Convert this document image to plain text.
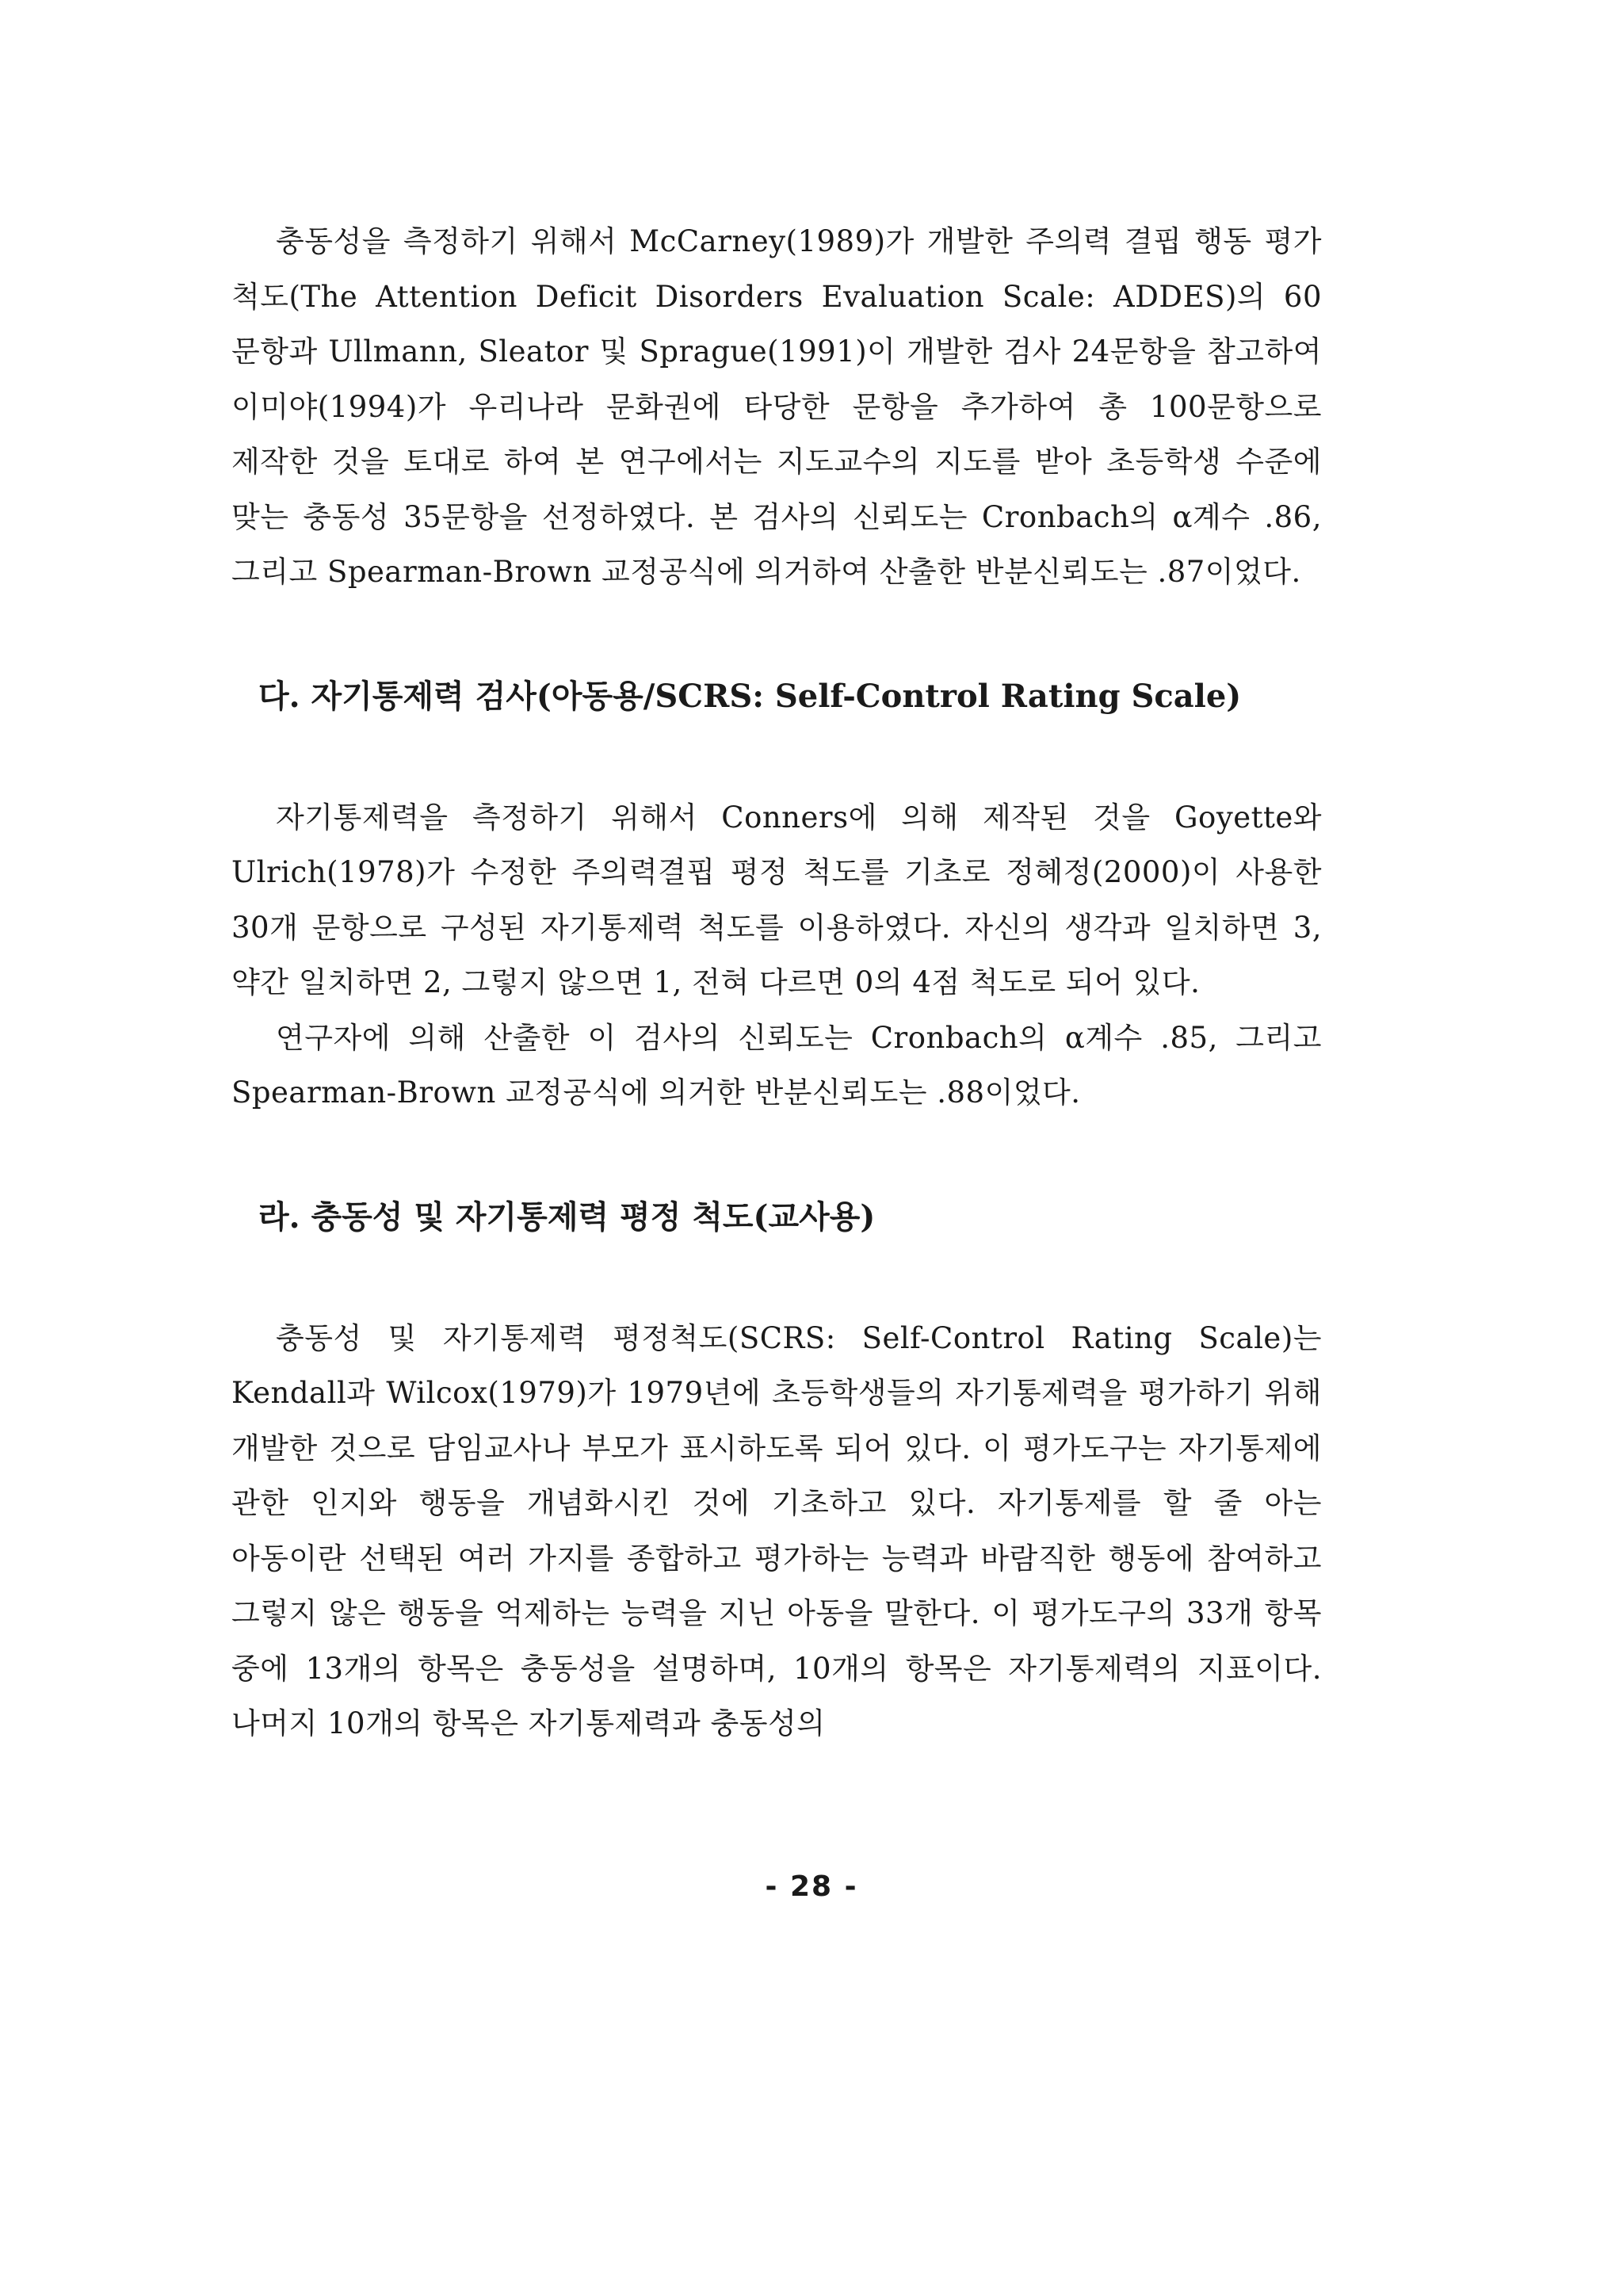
충동성을 측정하기 위해서 McCarney(1989)가 개발한 주의력 결핍 행동 평가 척도(The Attention Deficit Disorders Evaluation Scale: ADDES)의 60 문항과 Ullmann, Sleator 및 Sprague(1991)이 개발한 검사 24문항을 참고하여 이미야(1994)가 우리나라 문화권에 타당한 문항을 추가하여 총 100문항으로 제작한 것을 토대로 하여 본 연구에서는 지도교수의 지도를 받아 초등학생 수준에 맞는 충동성 35문항을 선정하였다. 본 검사의 신뢰도는 Cronbach의 α계수 .86, 그리고 Spearman-Brown 교정공식에 의거하여 산출한 반분신뢰도는 .87이었다.

다. 자기통제력 검사(아동용/SCRS: Self-Control Rating Scale)

자기통제력을 측정하기 위해서 Conners에 의해 제작된 것을 Goyette와 Ulrich(1978)가 수정한 주의력결핍 평정 척도를 기초로 정혜정(2000)이 사용한 30개 문항으로 구성된 자기통제력 척도를 이용하였다. 자신의 생각과 일치하면 3, 약간 일치하면 2, 그렇지 않으면 1, 전혀 다르면 0의 4점 척도로 되어 있다.

연구자에 의해 산출한 이 검사의 신뢰도는 Cronbach의 α계수 .85, 그리고 Spearman-Brown 교정공식에 의거한 반분신뢰도는 .88이었다.

라. 충동성 및 자기통제력 평정 척도(교사용)

충동성 및 자기통제력 평정척도(SCRS: Self-Control Rating Scale)는 Kendall과 Wilcox(1979)가 1979년에 초등학생들의 자기통제력을 평가하기 위해 개발한 것으로 담임교사나 부모가 표시하도록 되어 있다. 이 평가도구는 자기통제에 관한 인지와 행동을 개념화시킨 것에 기초하고 있다. 자기통제를 할 줄 아는 아동이란 선택된 여러 가지를 종합하고 평가하는 능력과 바람직한 행동에 참여하고 그렇지 않은 행동을 억제하는 능력을 지닌 아동을 말한다. 이 평가도구의 33개 항목 중에 13개의 항목은 충동성을 설명하며, 10개의 항목은 자기통제력의 지표이다. 나머지 10개의 항목은 자기통제력과 충동성의

- 28 -
